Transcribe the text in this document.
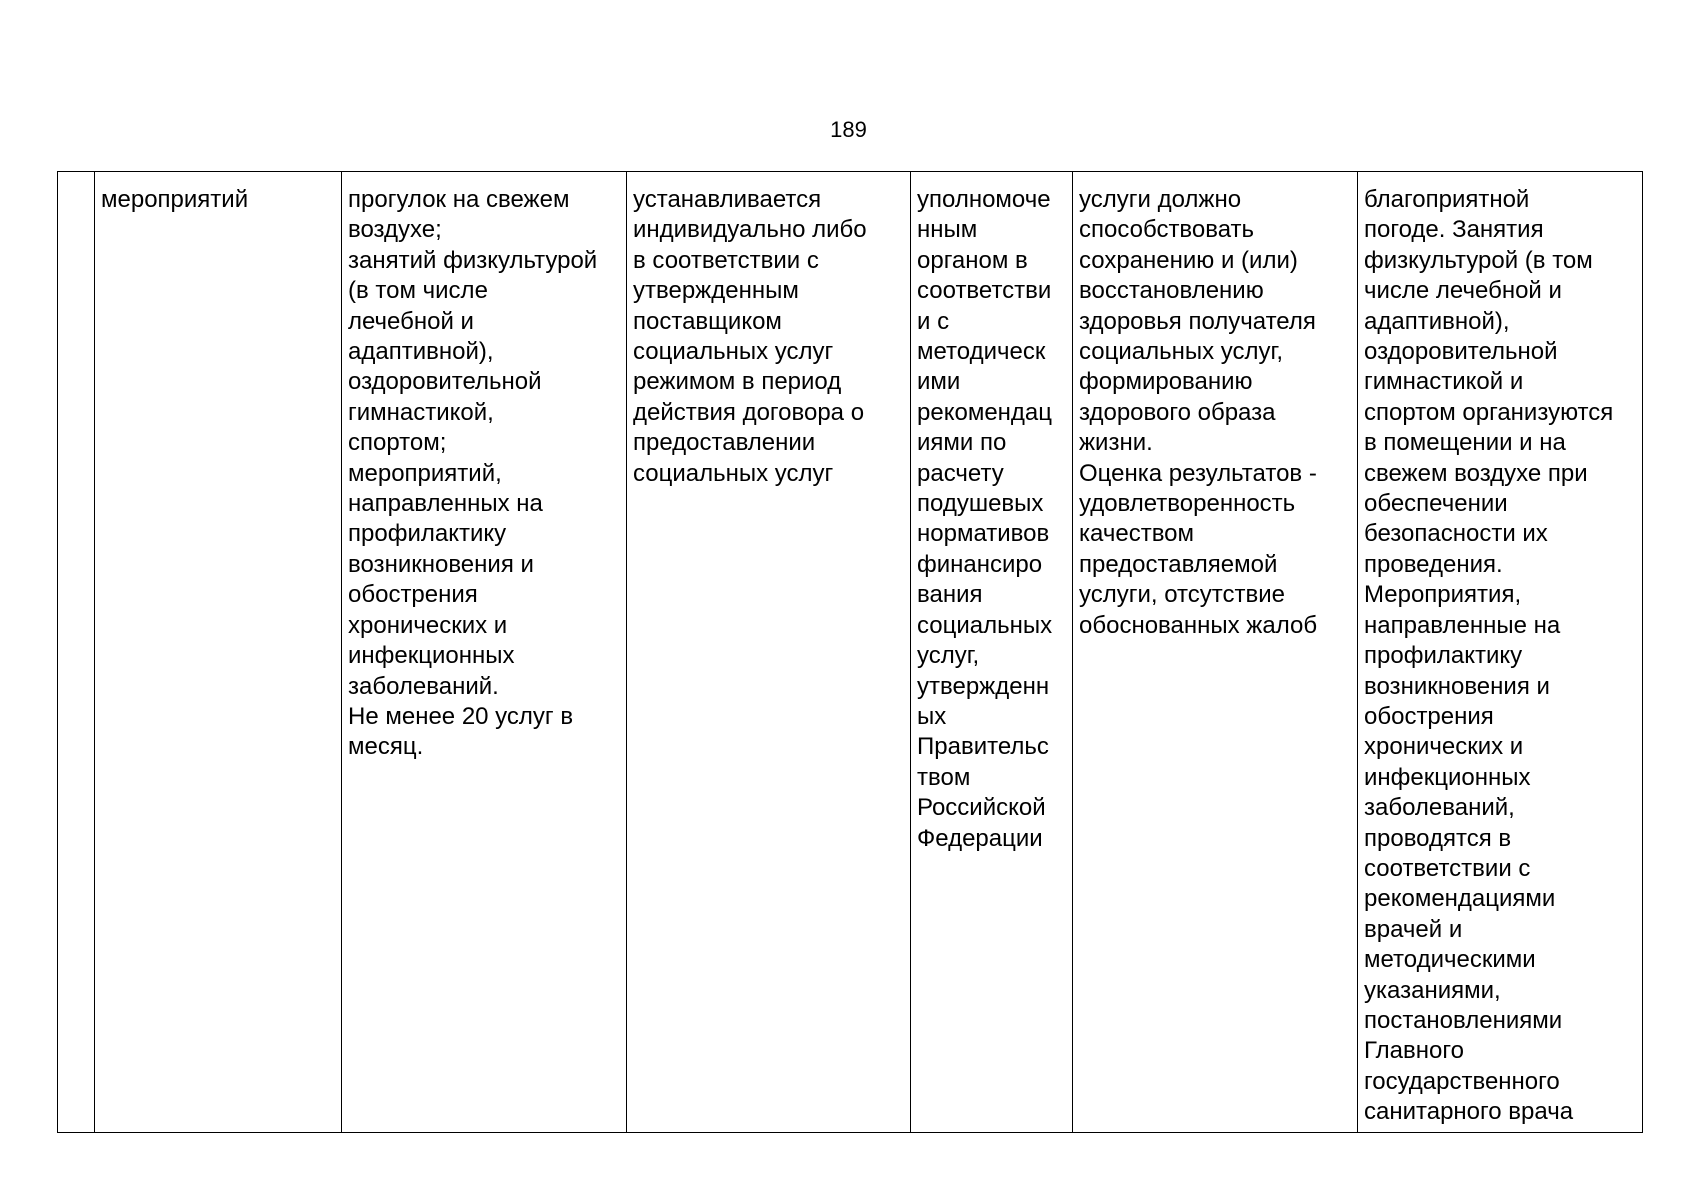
189
	мероприятий	прогулок на свежем
воздухе;
занятий физкультурой
(в том числе
лечебной и
адаптивной),
оздоровительной
гимнастикой,
спортом;
мероприятий,
направленных на
профилактику
возникновения и
обострения
хронических и
инфекционных
заболеваний.
Не менее 20 услуг в
месяц.	устанавливается
индивидуально либо
в соответствии с
утвержденным
поставщиком
социальных услуг
режимом в период
действия договора о
предоставлении
социальных услуг	уполномоче
нным
органом в
соответстви
и с
методическ
ими
рекомендац
иями по
расчету
подушевых
нормативов
финансиро
вания
социальных
услуг,
утвержденн
ых
Правительс
твом
Российской
Федерации	услуги должно
способствовать
сохранению и (или)
восстановлению
здоровья получателя
социальных услуг,
формированию
здорового образа
жизни.
Оценка результатов -
удовлетворенность
качеством
предоставляемой
услуги, отсутствие
обоснованных жалоб	благоприятной
погоде. Занятия
физкультурой (в том
числе лечебной и
адаптивной),
оздоровительной
гимнастикой и
спортом организуются
в помещении и на
свежем воздухе при
обеспечении
безопасности их
проведения.
Мероприятия,
направленные на
профилактику
возникновения и
обострения
хронических и
инфекционных
заболеваний,
проводятся в
соответствии с
рекомендациями
врачей и
методическими
указаниями,
постановлениями
Главного
государственного
санитарного врача
